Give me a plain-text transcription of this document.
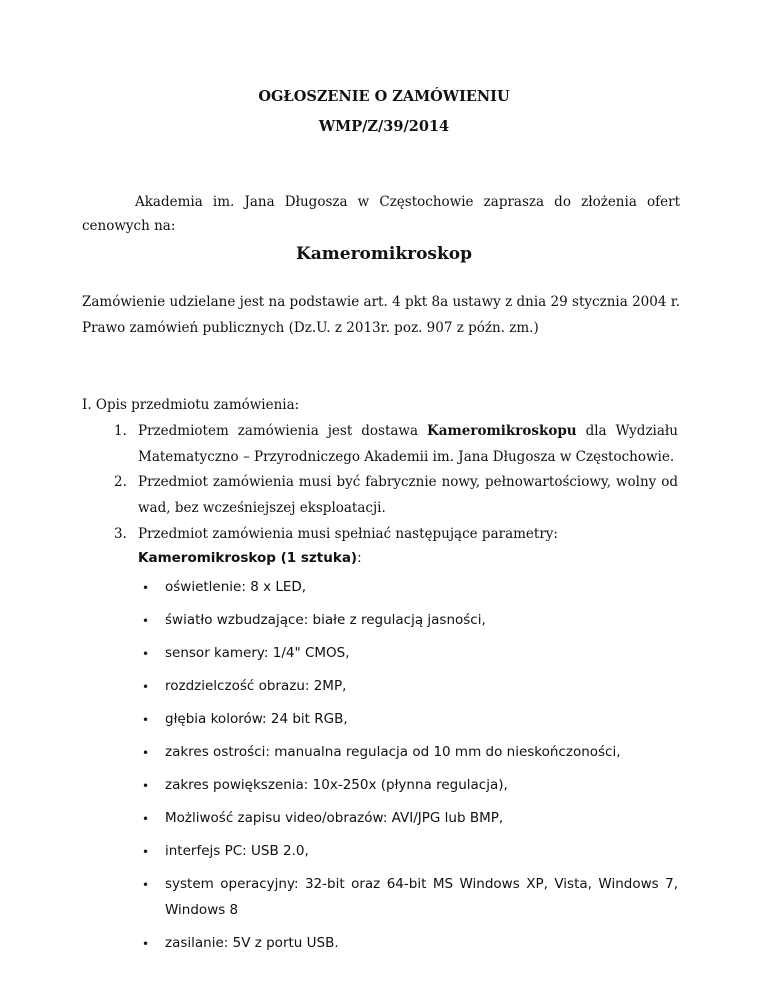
OGŁOSZENIE O ZAMÓWIENIU
WMP/Z/39/2014
Akademia im. Jana Długosza w Częstochowie zaprasza do złożenia ofert
cenowych na:
Kameromikroskop
Zamówienie udzielane jest na podstawie art. 4 pkt 8a ustawy z dnia 29 stycznia 2004 r.
Prawo zamówień publicznych (Dz.U. z 2013r. poz. 907 z późn. zm.)
I. Opis przedmiotu zamówienia:
1. Przedmiotem zamówienia jest dostawa Kameromikroskopu dla Wydziału
Matematyczno – Przyrodniczego Akademii im. Jana Długosza w Częstochowie.
2. Przedmiot zamówienia musi być fabrycznie nowy, pełnowartościowy, wolny od
wad, bez wcześniejszej eksploatacji.
3. Przedmiot zamówienia musi spełniać następujące parametry:
Kameromikroskop (1 sztuka):
• oświetlenie: 8 x LED,
• światło wzbudzające: białe z regulacją jasności,
• sensor kamery: 1/4" CMOS,
• rozdzielczość obrazu: 2MP,
• głębia kolorów: 24 bit RGB,
• zakres ostrości: manualna regulacja od 10 mm do nieskończoności,
• zakres powiększenia: 10x-250x (płynna regulacja),
• Możliwość zapisu video/obrazów: AVI/JPG lub BMP,
• interfejs PC: USB 2.0,
• system operacyjny: 32-bit oraz 64-bit MS Windows XP, Vista, Windows 7,
Windows 8
• zasilanie: 5V z portu USB.
